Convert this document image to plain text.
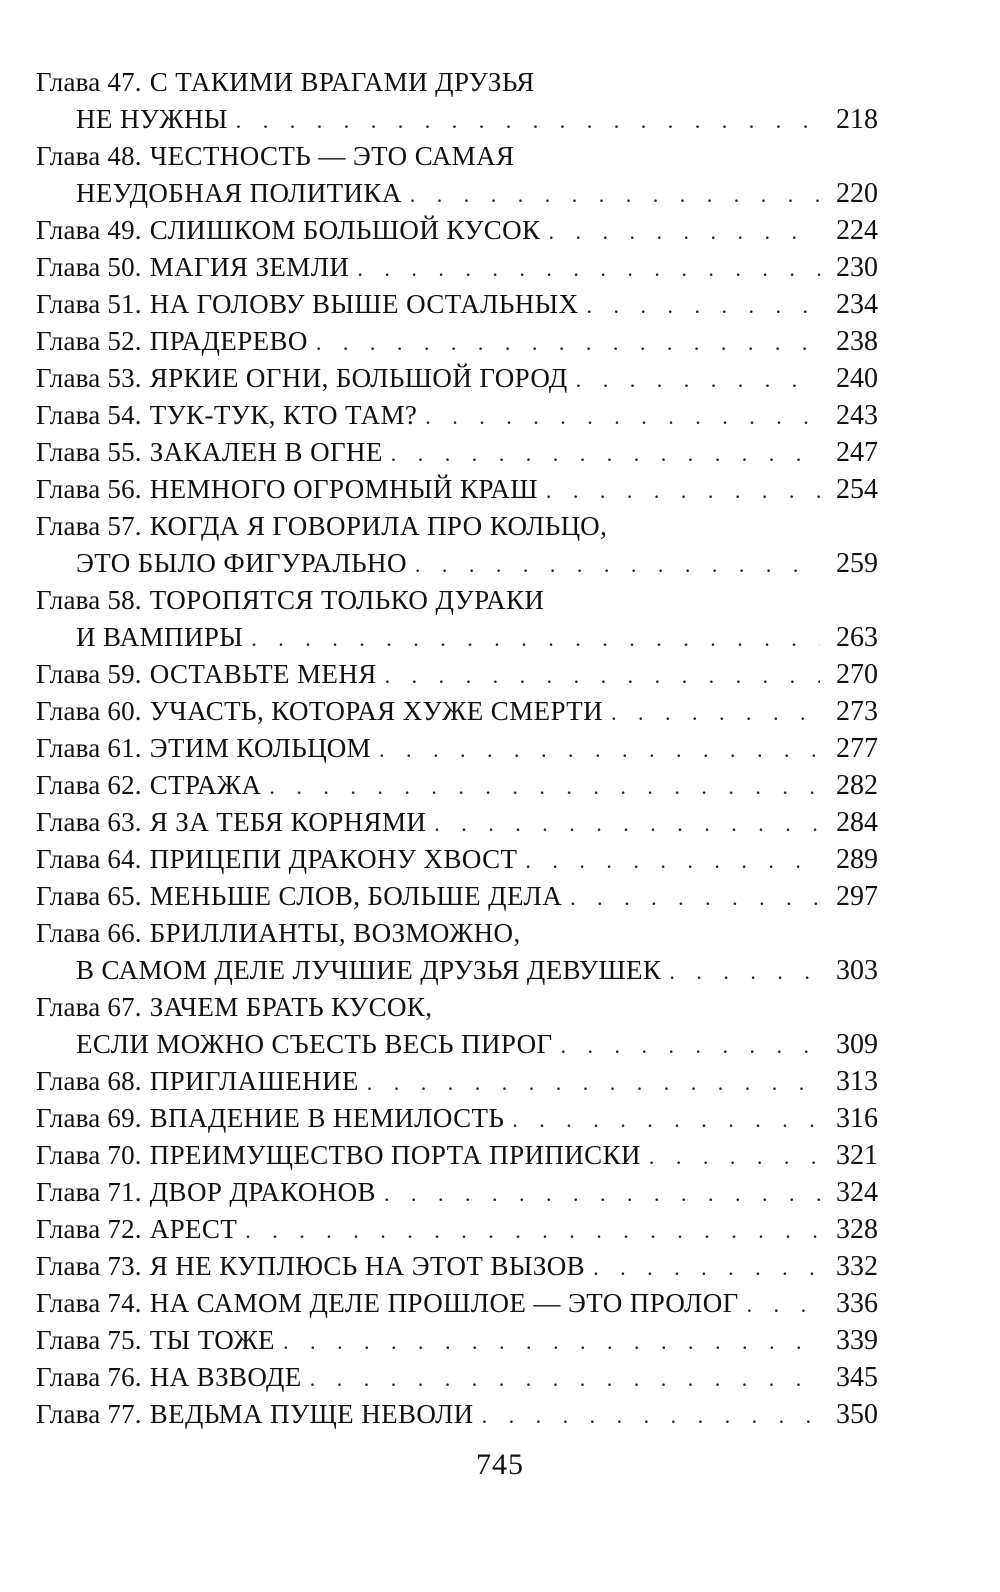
Глава 47. С ТАКИМИ ВРАГАМИ ДРУЗЬЯ
НЕ НУЖНЫ . . .	218
Глава 48. ЧЕСТНОСТЬ — ЭТО САМАЯ
НЕУДОБНАЯ ПОЛИТИКА . . .	220
Глава 49. СЛИШКОМ БОЛЬШОЙ КУСОК . . .	224
Глава 50. МАГИЯ ЗЕМЛИ . . .	230
Глава 51. НА ГОЛОВУ ВЫШЕ ОСТАЛЬНЫХ . . .	234
Глава 52. ПРАДЕРЕВО . . .	238
Глава 53. ЯРКИЕ ОГНИ, БОЛЬШОЙ ГОРОД . . .	240
Глава 54. ТУК-ТУК, КТО ТАМ? . . .	243
Глава 55. ЗАКАЛЕН В ОГНЕ . . .	247
Глава 56. НЕМНОГО ОГРОМНЫЙ КРАШ . . .	254
Глава 57. КОГДА Я ГОВОРИЛА ПРО КОЛЬЦО,
ЭТО БЫЛО ФИГУРАЛЬНО . . .	259
Глава 58. ТОРОПЯТСЯ ТОЛЬКО ДУРАКИ
И ВАМПИРЫ . . .	263
Глава 59. ОСТАВЬТЕ МЕНЯ . . .	270
Глава 60. УЧАСТЬ, КОТОРАЯ ХУЖЕ СМЕРТИ . . .	273
Глава 61. ЭТИМ КОЛЬЦОМ . . .	277
Глава 62. СТРАЖА . . .	282
Глава 63. Я ЗА ТЕБЯ КОРНЯМИ . . .	284
Глава 64. ПРИЦЕПИ ДРАКОНУ ХВОСТ . . .	289
Глава 65. МЕНЬШЕ СЛОВ, БОЛЬШЕ ДЕЛА . . .	297
Глава 66. БРИЛЛИАНТЫ, ВОЗМОЖНО,
В САМОМ ДЕЛЕ ЛУЧШИЕ ДРУЗЬЯ ДЕВУШЕК . . .	303
Глава 67. ЗАЧЕМ БРАТЬ КУСОК,
ЕСЛИ МОЖНО СЪЕСТЬ ВЕСЬ ПИРОГ . . .	309
Глава 68. ПРИГЛАШЕНИЕ . . .	313
Глава 69. ВПАДЕНИЕ В НЕМИЛОСТЬ . . .	316
Глава 70. ПРЕИМУЩЕСТВО ПОРТА ПРИПИСКИ . . .	321
Глава 71. ДВОР ДРАКОНОВ . . .	324
Глава 72. АРЕСТ . . .	328
Глава 73. Я НЕ КУПЛЮСЬ НА ЭТОТ ВЫЗОВ . . .	332
Глава 74. НА САМОМ ДЕЛЕ ПРОШЛОЕ — ЭТО ПРОЛОГ . . .	336
Глава 75. ТЫ ТОЖЕ . . .	339
Глава 76. НА ВЗВОДЕ . . .	345
Глава 77. ВЕДЬМА ПУЩЕ НЕВОЛИ . . .	350
745
